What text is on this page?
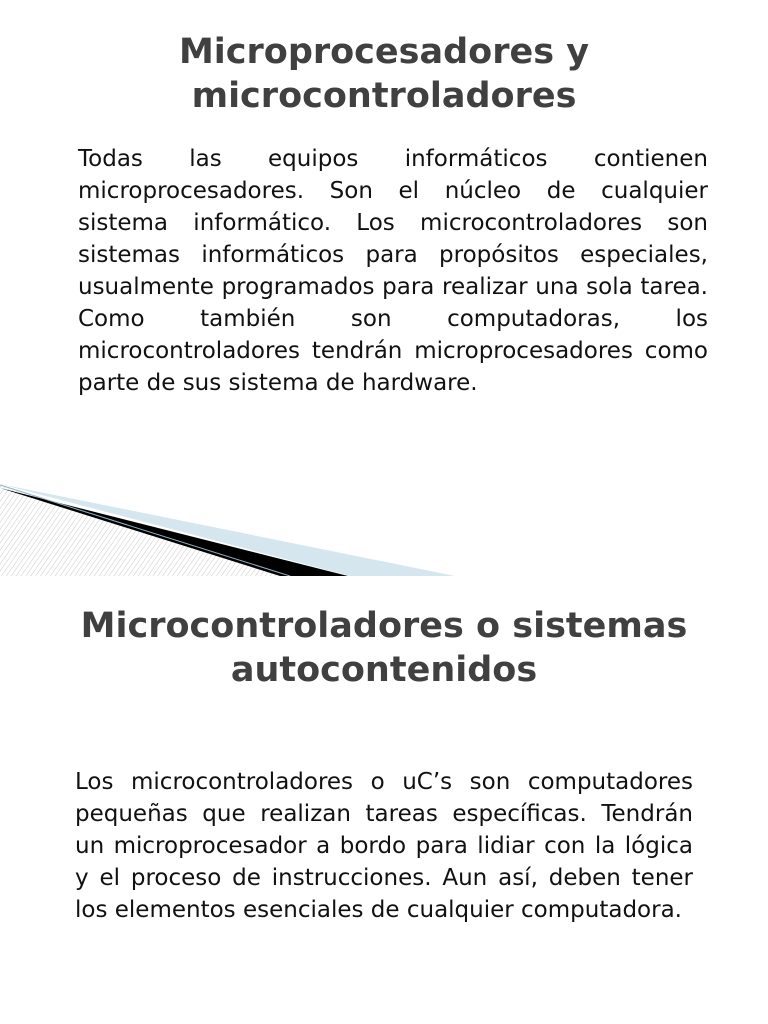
Microprocesadores y microcontroladores

Todas las equipos informáticos contienen microprocesadores. Son el núcleo de cualquier sistema informático. Los microcontroladores son sistemas informáticos para propósitos especiales, usualmente programados para realizar una sola tarea. Como también son computadoras, los microcontroladores tendrán microprocesadores como parte de sus sistema de hardware.

Microcontroladores o sistemas autocontenidos

Los microcontroladores o uC’s son computadores pequeñas que realizan tareas específicas. Tendrán un microprocesador a bordo para lidiar con la lógica y el proceso de instrucciones. Aun así, deben tener los elementos esenciales de cualquier computadora.
